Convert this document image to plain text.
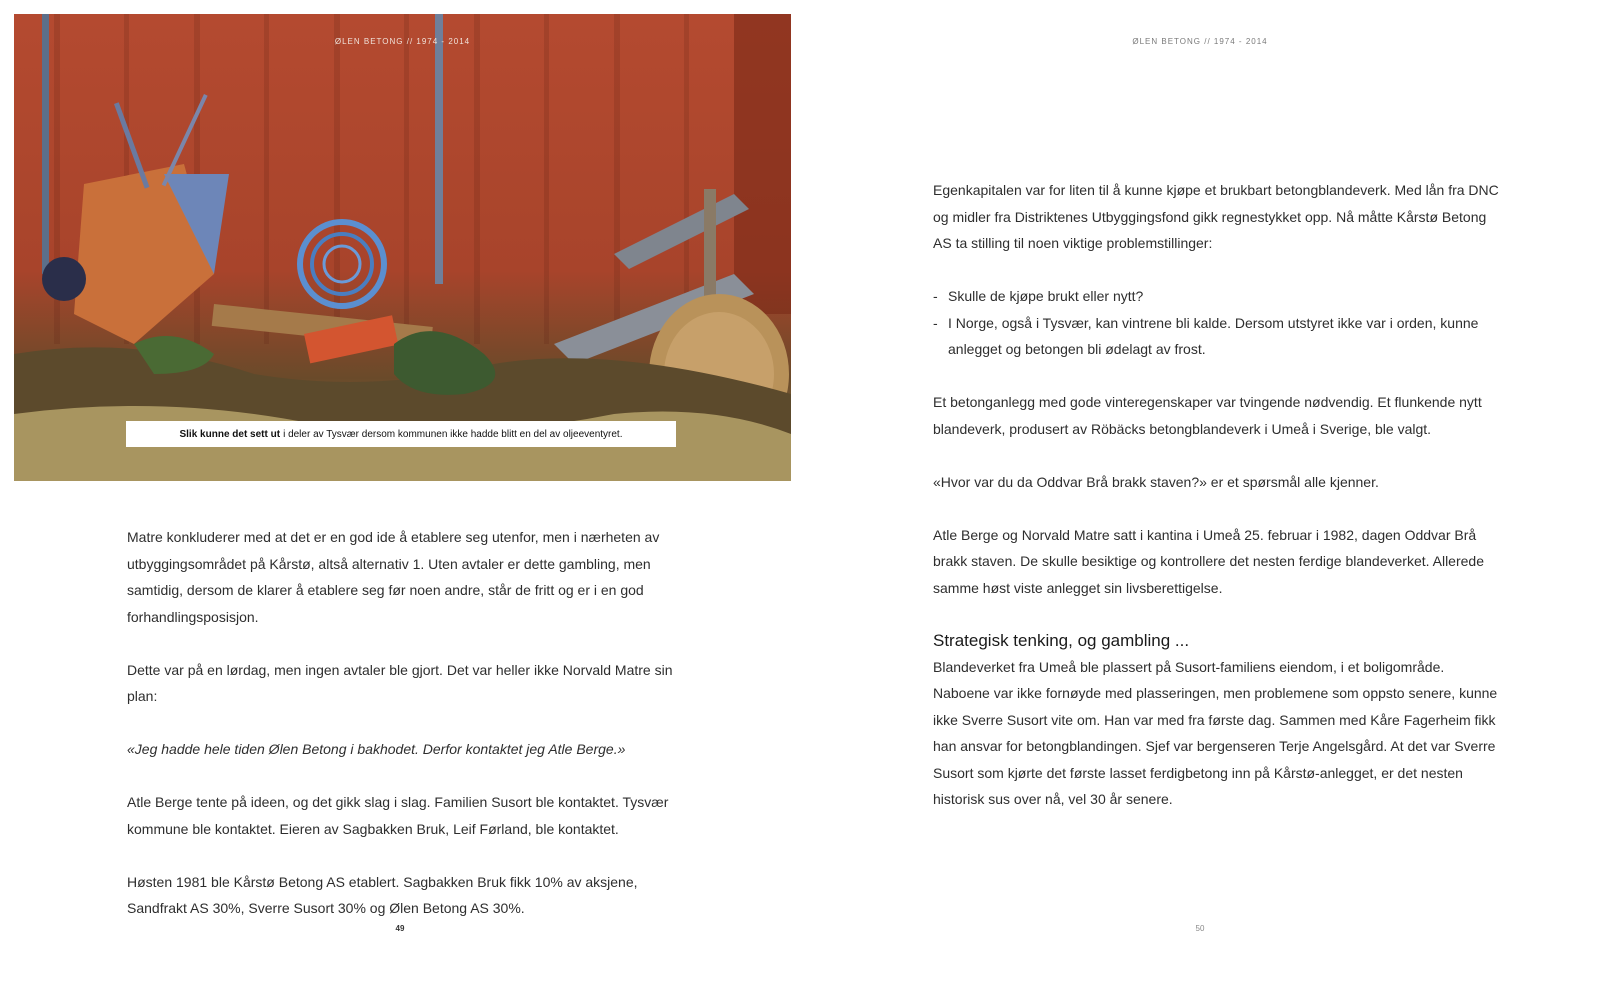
ØLEN BETONG // 1974 - 2014
Slik kunne det sett ut i deler av Tysvær dersom kommunen ikke hadde blitt en del av oljeeventyret.

Matre konkluderer med at det er en god ide å etablere seg utenfor, men i nærheten av utbyggingsområdet på Kårstø, altså alternativ 1. Uten avtaler er dette gambling, men samtidig, dersom de klarer å etablere seg før noen andre, står de fritt og er i en god forhandlingsposisjon.

Dette var på en lørdag, men ingen avtaler ble gjort. Det var heller ikke Norvald Matre sin plan:

«Jeg hadde hele tiden Ølen Betong i bakhodet. Derfor kontaktet jeg Atle Berge.»

Atle Berge tente på ideen, og det gikk slag i slag. Familien Susort ble kontaktet. Tysvær kommune ble kontaktet. Eieren av Sagbakken Bruk, Leif Førland, ble kontaktet.

Høsten 1981 ble Kårstø Betong AS etablert. Sagbakken Bruk fikk 10% av aksjene, Sandfrakt AS 30%, Sverre Susort 30% og Ølen Betong AS 30%.

49
ØLEN BETONG // 1974 - 2014

Egenkapitalen var for liten til å kunne kjøpe et brukbart betongblandeverk. Med lån fra DNC og midler fra Distriktenes Utbyggingsfond gikk regnestykket opp. Nå måtte Kårstø Betong AS ta stilling til noen viktige problemstillinger:

- Skulle de kjøpe brukt eller nytt?
- I Norge, også i Tysvær, kan vintrene bli kalde. Dersom utstyret ikke var i orden, kunne anlegget og betongen bli ødelagt av frost.

Et betonganlegg med gode vinteregenskaper var tvingende nødvendig. Et flunkende nytt blandeverk, produsert av Röbäcks betongblandeverk i Umeå i Sverige, ble valgt.

«Hvor var du da Oddvar Brå brakk staven?» er et spørsmål alle kjenner.

Atle Berge og Norvald Matre satt i kantina i Umeå 25. februar i 1982, dagen Oddvar Brå brakk staven. De skulle besiktige og kontrollere det nesten ferdige blandeverket. Allerede samme høst viste anlegget sin livsberettigelse.

Strategisk tenking, og gambling ...

Blandeverket fra Umeå ble plassert på Susort-familiens eiendom, i et boligområde. Naboene var ikke fornøyde med plasseringen, men problemene som oppsto senere, kunne ikke Sverre Susort vite om. Han var med fra første dag. Sammen med Kåre Fagerheim fikk han ansvar for betongblandingen. Sjef var bergenseren Terje Angelsgård. At det var Sverre Susort som kjørte det første lasset ferdigbetong inn på Kårstø-anlegget, er det nesten historisk sus over nå, vel 30 år senere.

50
